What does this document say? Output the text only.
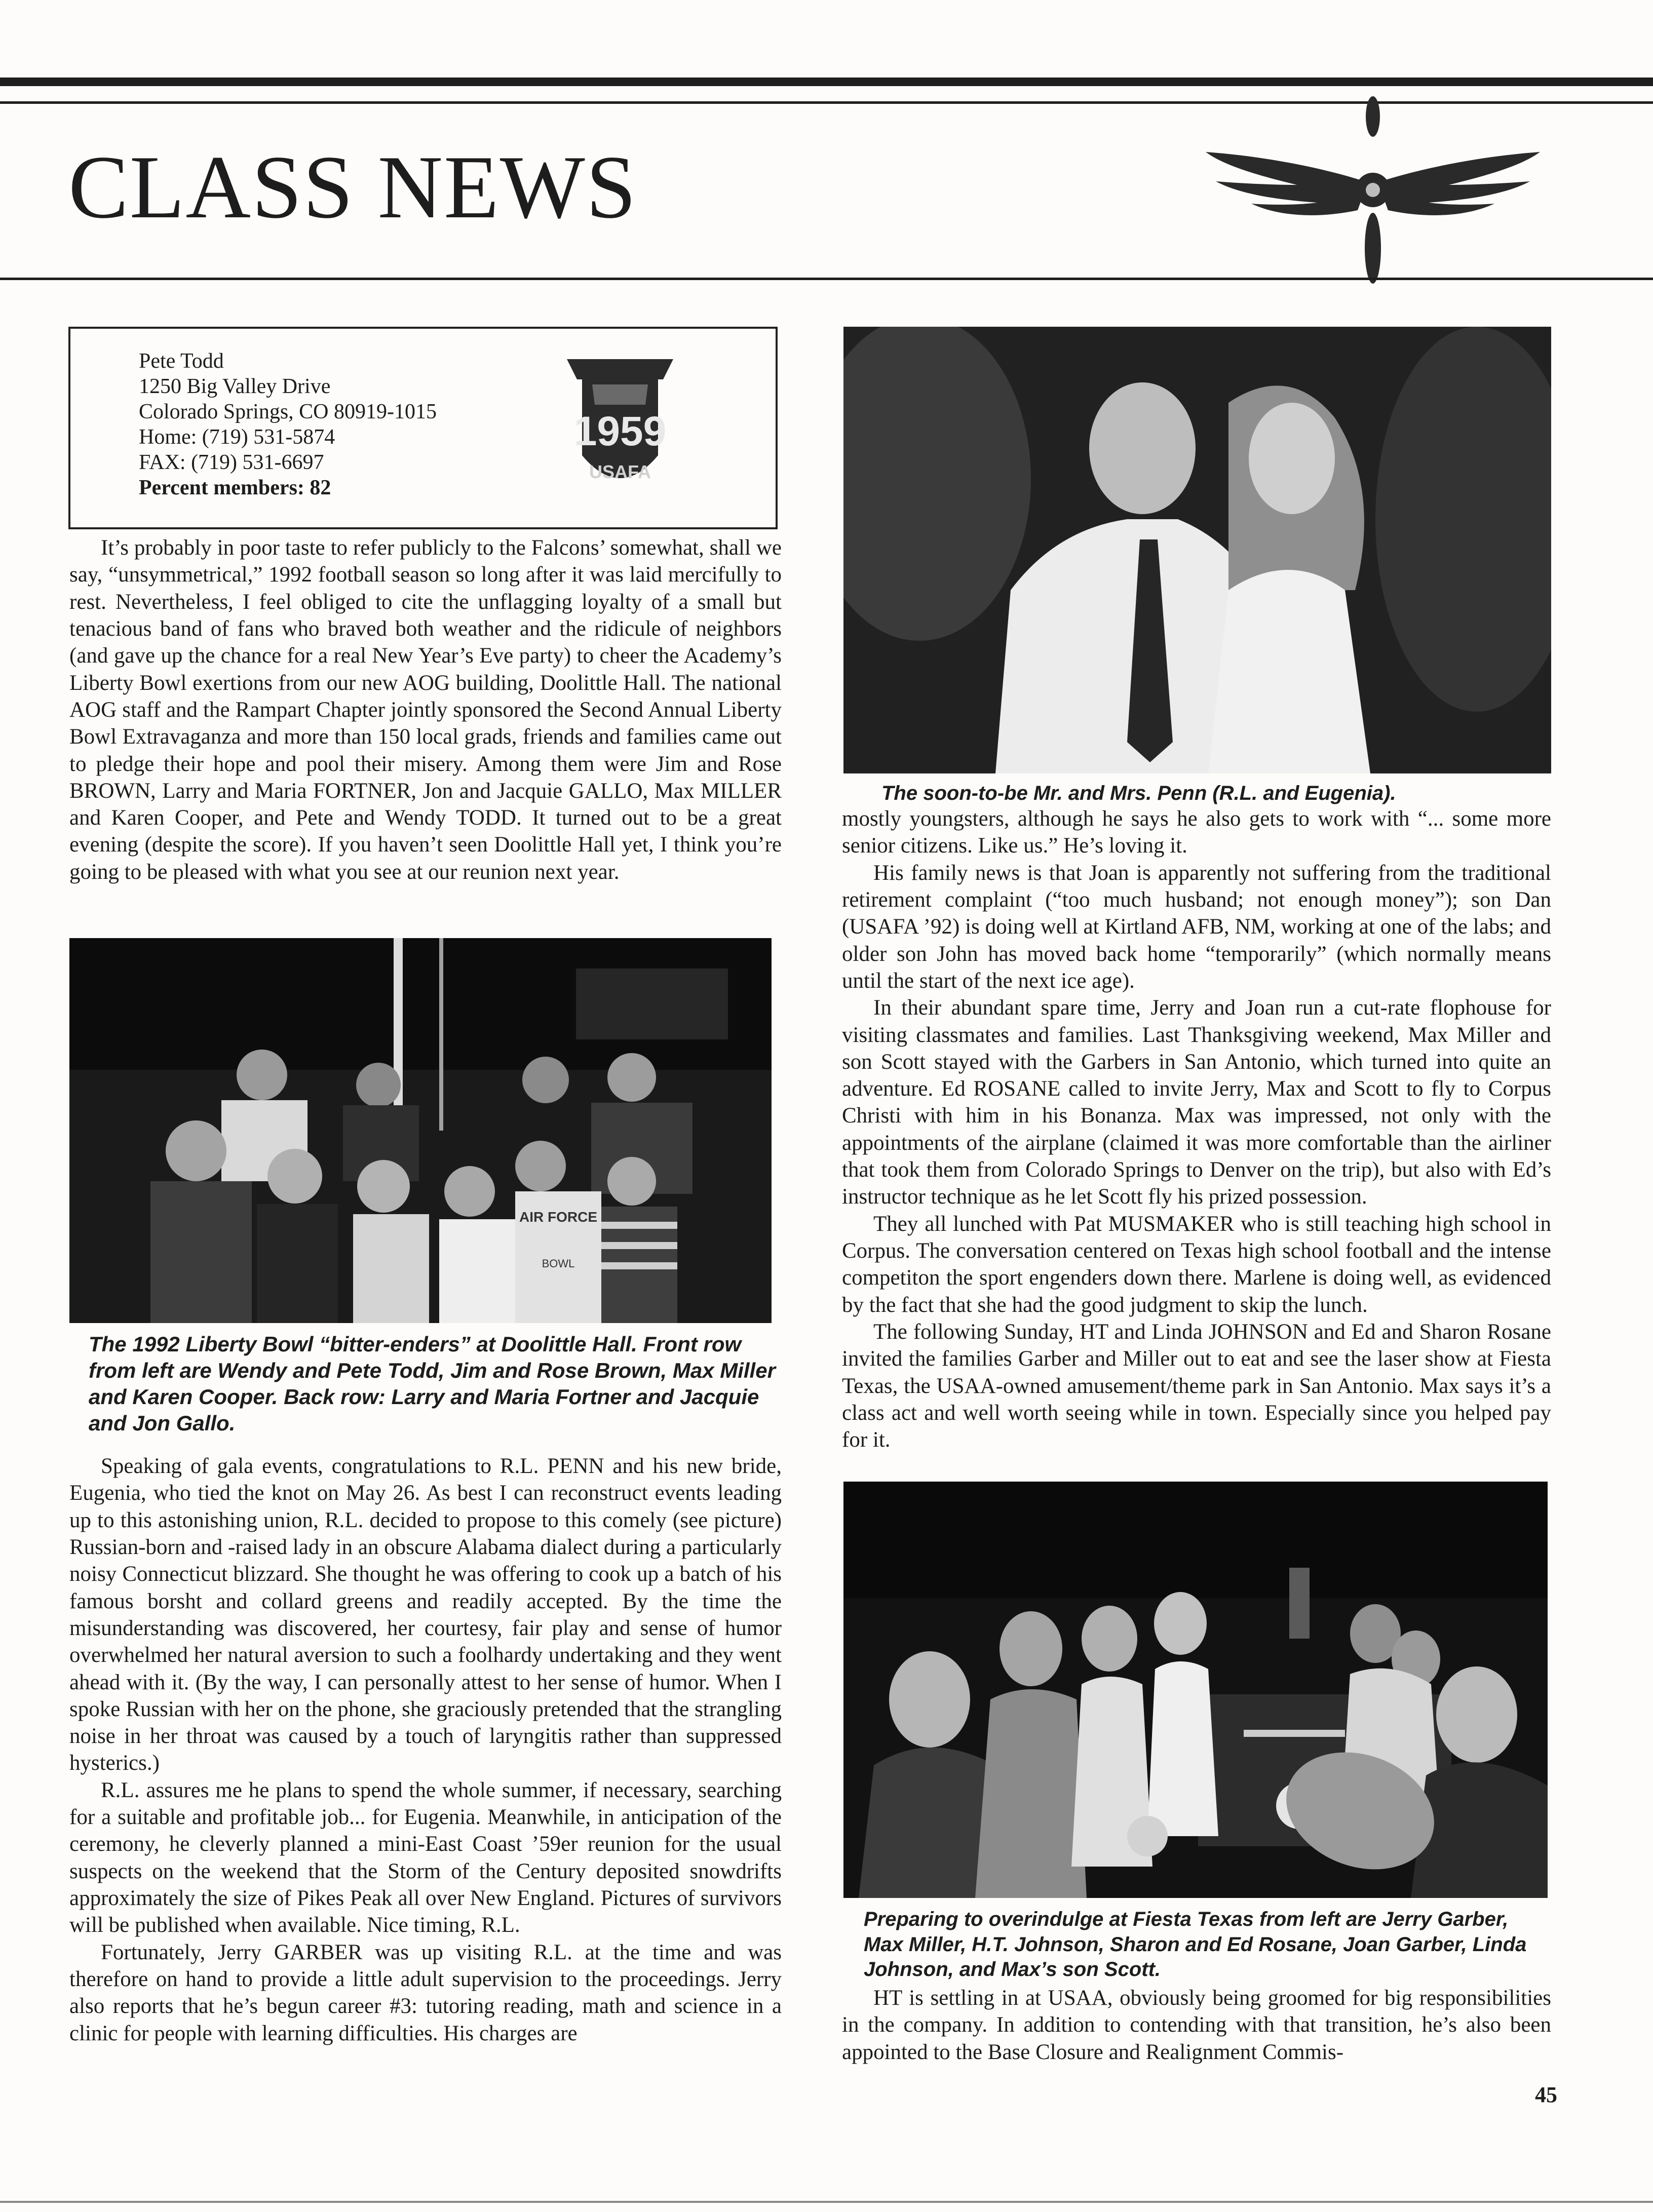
CLASS NEWS
Pete Todd
1250 Big Valley Drive
Colorado Springs, CO 80919-1015
Home: (719) 531-5874
FAX: (719) 531-6697
Percent members: 82
1959
USAFA

It’s probably in poor taste to refer publicly to the Falcons’ somewhat, shall we say, “unsymmetrical,” 1992 football season so long after it was laid mercifully to rest. Nevertheless, I feel obliged to cite the unflagging loyalty of a small but tenacious band of fans who braved both weather and the ridicule of neighbors (and gave up the chance for a real New Year’s Eve party) to cheer the Academy’s Liberty Bowl exertions from our new AOG building, Doolittle Hall. The national AOG staff and the Rampart Chapter jointly sponsored the Second Annual Liberty Bowl Extravaganza and more than 150 local grads, friends and families came out to pledge their hope and pool their misery. Among them were Jim and Rose BROWN, Larry and Maria FORTNER, Jon and Jacquie GALLO, Max MILLER and Karen Cooper, and Pete and Wendy TODD. It turned out to be a great evening (despite the score). If you haven’t seen Doolittle Hall yet, I think you’re going to be pleased with what you see at our reunion next year.

AIR FORCE
BOWL
The 1992 Liberty Bowl “bitter-enders” at Doolittle Hall. Front row from left are Wendy and Pete Todd, Jim and Rose Brown, Max Miller and Karen Cooper. Back row: Larry and Maria Fortner and Jacquie and Jon Gallo.

Speaking of gala events, congratulations to R.L. PENN and his new bride, Eugenia, who tied the knot on May 26. As best I can reconstruct events leading up to this astonishing union, R.L. decided to propose to this comely (see picture) Russian-born and -raised lady in an obscure Alabama dialect during a particularly noisy Connecticut blizzard. She thought he was offering to cook up a batch of his famous borsht and collard greens and readily accepted. By the time the misunderstanding was discovered, her courtesy, fair play and sense of humor overwhelmed her natural aversion to such a foolhardy undertaking and they went ahead with it. (By the way, I can personally attest to her sense of humor. When I spoke Russian with her on the phone, she graciously pretended that the strangling noise in her throat was caused by a touch of laryngitis rather than suppressed hysterics.)

R.L. assures me he plans to spend the whole summer, if necessary, searching for a suitable and profitable job... for Eugenia. Meanwhile, in anticipation of the ceremony, he cleverly planned a mini-East Coast ’59er reunion for the usual suspects on the weekend that the Storm of the Century deposited snowdrifts approximately the size of Pikes Peak all over New England. Pictures of survivors will be published when available. Nice timing, R.L.

Fortunately, Jerry GARBER was up visiting R.L. at the time and was therefore on hand to provide a little adult supervision to the proceedings. Jerry also reports that he’s begun career #3: tutoring reading, math and science in a clinic for people with learning difficulties. His charges are

The soon-to-be Mr. and Mrs. Penn (R.L. and Eugenia).

mostly youngsters, although he says he also gets to work with “... some more senior citizens. Like us.” He’s loving it.

His family news is that Joan is apparently not suffering from the traditional retirement complaint (“too much husband; not enough money”); son Dan (USAFA ’92) is doing well at Kirtland AFB, NM, working at one of the labs; and older son John has moved back home “temporarily” (which normally means until the start of the next ice age).

In their abundant spare time, Jerry and Joan run a cut-rate flophouse for visiting classmates and families. Last Thanksgiving weekend, Max Miller and son Scott stayed with the Garbers in San Antonio, which turned into quite an adventure. Ed ROSANE called to invite Jerry, Max and Scott to fly to Corpus Christi with him in his Bonanza. Max was impressed, not only with the appointments of the airplane (claimed it was more comfortable than the airliner that took them from Colorado Springs to Denver on the trip), but also with Ed’s instructor technique as he let Scott fly his prized possession.

They all lunched with Pat MUSMAKER who is still teaching high school in Corpus. The conversation centered on Texas high school football and the intense competiton the sport engenders down there. Marlene is doing well, as evidenced by the fact that she had the good judgment to skip the lunch.

The following Sunday, HT and Linda JOHNSON and Ed and Sharon Rosane invited the families Garber and Miller out to eat and see the laser show at Fiesta Texas, the USAA-owned amusement/theme park in San Antonio. Max says it’s a class act and well worth seeing while in town. Especially since you helped pay for it.

Preparing to overindulge at Fiesta Texas from left are Jerry Garber, Max Miller, H.T. Johnson, Sharon and Ed Rosane, Joan Garber, Linda Johnson, and Max’s son Scott.

HT is settling in at USAA, obviously being groomed for big responsibilities in the company. In addition to contending with that transition, he’s also been appointed to the Base Closure and Realignment Commis-

45
